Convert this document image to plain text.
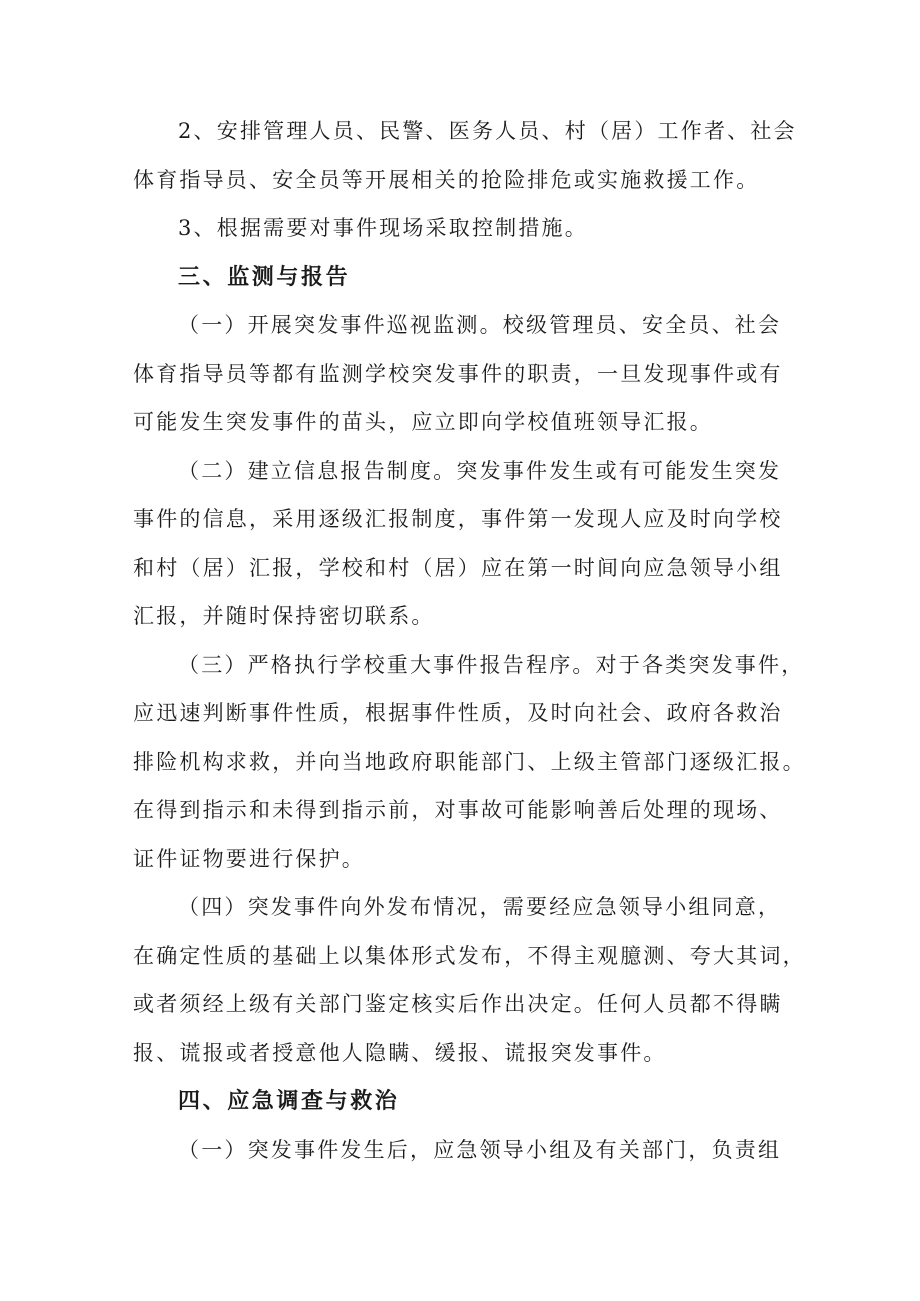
2、安排管理人员、民警、医务人员、村（居）工作者、社会
体育指导员、安全员等开展相关的抢险排危或实施救援工作。
3、根据需要对事件现场采取控制措施。
三、监测与报告
（一）开展突发事件巡视监测。校级管理员、安全员、社会
体育指导员等都有监测学校突发事件的职责，一旦发现事件或有
可能发生突发事件的苗头，应立即向学校值班领导汇报。
（二）建立信息报告制度。突发事件发生或有可能发生突发
事件的信息，采用逐级汇报制度，事件第一发现人应及时向学校
和村（居）汇报，学校和村（居）应在第一时间向应急领导小组
汇报，并随时保持密切联系。
（三）严格执行学校重大事件报告程序。对于各类突发事件，
应迅速判断事件性质，根据事件性质，及时向社会、政府各救治
排险机构求救，并向当地政府职能部门、上级主管部门逐级汇报。
在得到指示和未得到指示前，对事故可能影响善后处理的现场、
证件证物要进行保护。
（四）突发事件向外发布情况，需要经应急领导小组同意，
在确定性质的基础上以集体形式发布，不得主观臆测、夸大其词，
或者须经上级有关部门鉴定核实后作出决定。任何人员都不得瞒
报、谎报或者授意他人隐瞒、缓报、谎报突发事件。
四、应急调查与救治
（一）突发事件发生后，应急领导小组及有关部门，负责组
